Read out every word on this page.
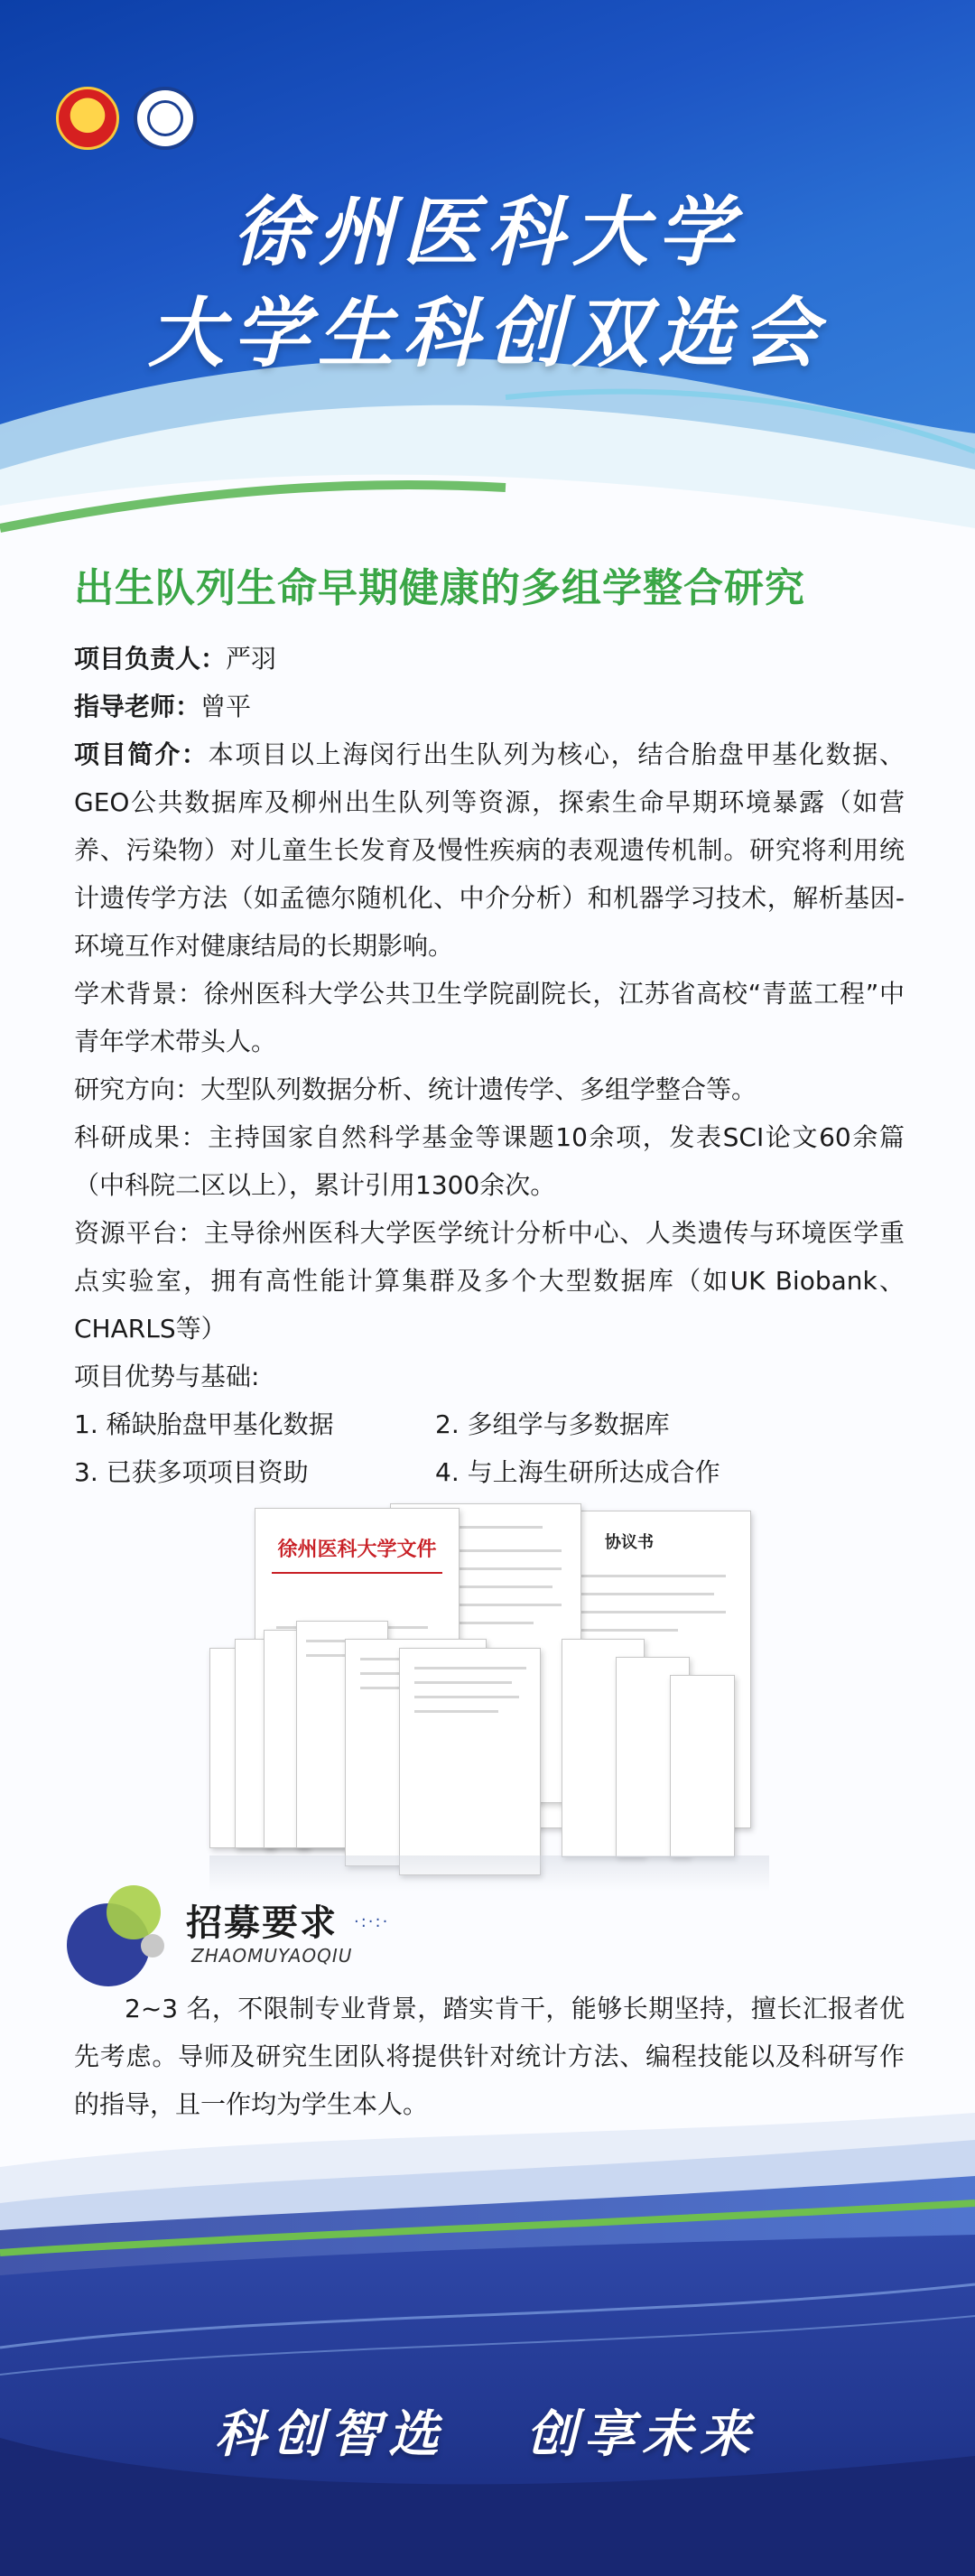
徐州医科大学
大学生科创双选会
出生队列生命早期健康的多组学整合研究

项目负责人：严羽

指导老师：曾平

项目简介：本项目以上海闵行出生队列为核心，结合胎盘甲基化数据、GEO公共数据库及柳州出生队列等资源，探索生命早期环境暴露（如营养、污染物）对儿童生长发育及慢性疾病的表观遗传机制。研究将利用统计遗传学方法（如孟德尔随机化、中介分析）和机器学习技术，解析基因-环境互作对健康结局的长期影响。

学术背景：徐州医科大学公共卫生学院副院长，江苏省高校“青蓝工程”中青年学术带头人。

研究方向：大型队列数据分析、统计遗传学、多组学整合等。

科研成果：主持国家自然科学基金等课题10余项，发表SCI论文60余篇（中科院二区以上），累计引用1300余次。

资源平台：主导徐州医科大学医学统计分析中心、人类遗传与环境医学重点实验室，拥有高性能计算集群及多个大型数据库（如UK Biobank、CHARLS等）

项目优势与基础:

1. 稀缺胎盘甲基化数据	2. 多组学与多数据库
3. 已获多项项目资助	4. 与上海生研所达成合作
协议书
徐州医科大学文件
招募要求 ·:·:·
ZHAOMUYAOQIU
2~3 名，不限制专业背景，踏实肯干，能够长期坚持，擅长汇报者优先考虑。导师及研究生团队将提供针对统计方法、编程技能以及科研写作的指导，且一作均为学生本人。
科创智选 创享未来
